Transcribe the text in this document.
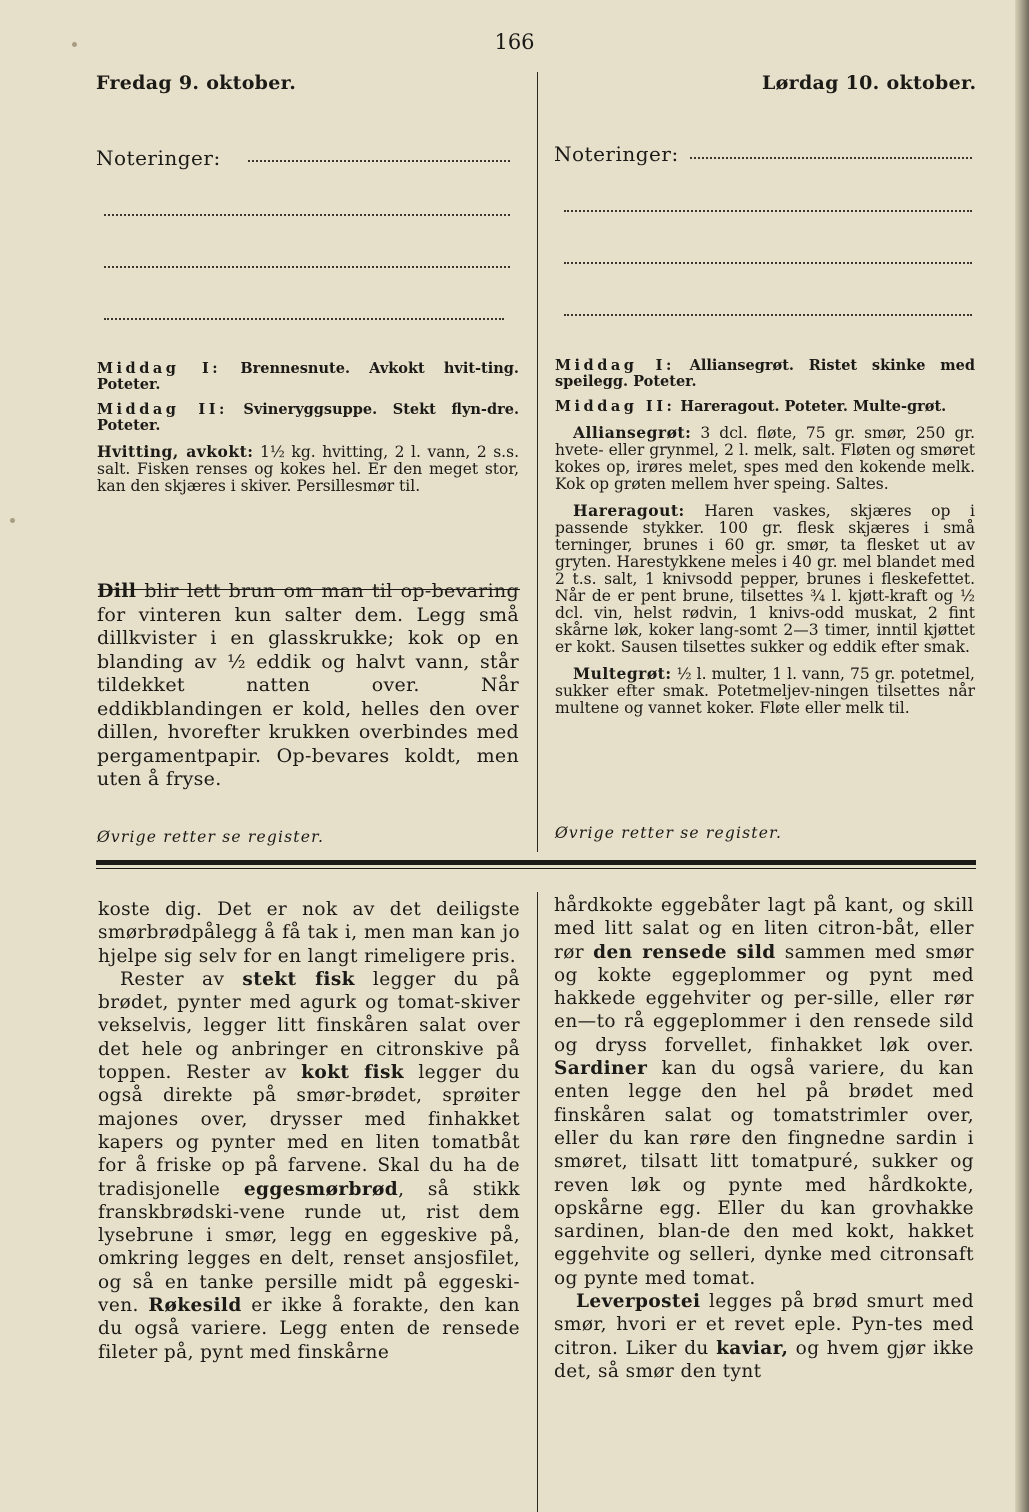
166
Fredag 9. oktober.	Lørdag 10. oktober.
Noteringer:	Noteringer:

Middag I: Brennesnute. Avkokt hvit-ting. Poteter.

Middag II: Svineryggsuppe. Stekt flyn-dre. Poteter.

Hvitting, avkokt: 1½ kg. hvitting, 2 l. vann, 2 s.s. salt. Fisken renses og kokes hel. Er den meget stor, kan den skjæres i skiver. Persillesmør til.

Dill blir lett brun om man til op-bevaring for vinteren kun salter dem. Legg små dillkvister i en glasskrukke; kok op en blanding av ½ eddik og halvt vann, står tildekket natten over. Når eddikblandingen er kold, helles den over dillen, hvorefter krukken overbindes med pergamentpapir. Op-bevares koldt, men uten å fryse.

Øvrige retter se register.

Middag I: Alliansegrøt. Ristet skinke med speilegg. Poteter.

Middag II: Hareragout. Poteter. Multe-grøt.

Alliansegrøt: 3 dcl. fløte, 75 gr. smør, 250 gr. hvete- eller grynmel, 2 l. melk, salt. Fløten og smøret kokes op, irøres melet, spes med den kokende melk. Kok op grøten mellem hver speing. Saltes.

Hareragout: Haren vaskes, skjæres op i passende stykker. 100 gr. flesk skjæres i små terninger, brunes i 60 gr. smør, ta flesket ut av gryten. Harestykkene meles i 40 gr. mel blandet med 2 t.s. salt, 1 knivsodd pepper, brunes i fleskefettet. Når de er pent brune, tilsettes ¾ l. kjøtt-kraft og ½ dcl. vin, helst rødvin, 1 knivs-odd muskat, 2 fint skårne løk, koker lang-somt 2—3 timer, inntil kjøttet er kokt. Sausen tilsettes sukker og eddik efter smak.

Multegrøt: ½ l. multer, 1 l. vann, 75 gr. potetmel, sukker efter smak. Potetmeljev-ningen tilsettes når multene og vannet koker. Fløte eller melk til.

Øvrige retter se register.

koste dig. Det er nok av det deiligste smørbrødpålegg å få tak i, men man kan jo hjelpe sig selv for en langt rimeligere pris.

Rester av stekt fisk legger du på brødet, pynter med agurk og tomat-skiver vekselvis, legger litt finskåren salat over det hele og anbringer en citronskive på toppen. Rester av kokt fisk legger du også direkte på smør-brødet, sprøiter majones over, drysser med finhakket kapers og pynter med en liten tomatbåt for å friske op på farvene. Skal du ha de tradisjonelle eggesmørbrød, så stikk franskbrødski-vene runde ut, rist dem lysebrune i smør, legg en eggeskive på, omkring legges en delt, renset ansjosfilet, og så en tanke persille midt på eggeski-ven. Røkesild er ikke å forakte, den kan du også variere. Legg enten de rensede fileter på, pynt med finskårne

hårdkokte eggebåter lagt på kant, og skill med litt salat og en liten citron-båt, eller rør den rensede sild sammen med smør og kokte eggeplommer og pynt med hakkede eggehviter og per-sille, eller rør en—to rå eggeplommer i den rensede sild og dryss forvellet, finhakket løk over. Sardiner kan du også variere, du kan enten legge den hel på brødet med finskåren salat og tomatstrimler over, eller du kan røre den fingnedne sardin i smøret, tilsatt litt tomatpuré, sukker og reven løk og pynte med hårdkokte, opskårne egg. Eller du kan grovhakke sardinen, blan-de den med kokt, hakket eggehvite og selleri, dynke med citronsaft og pynte med tomat.

Leverpostei legges på brød smurt med smør, hvori er et revet eple. Pyn-tes med citron. Liker du kaviar, og hvem gjør ikke det, så smør den tynt
